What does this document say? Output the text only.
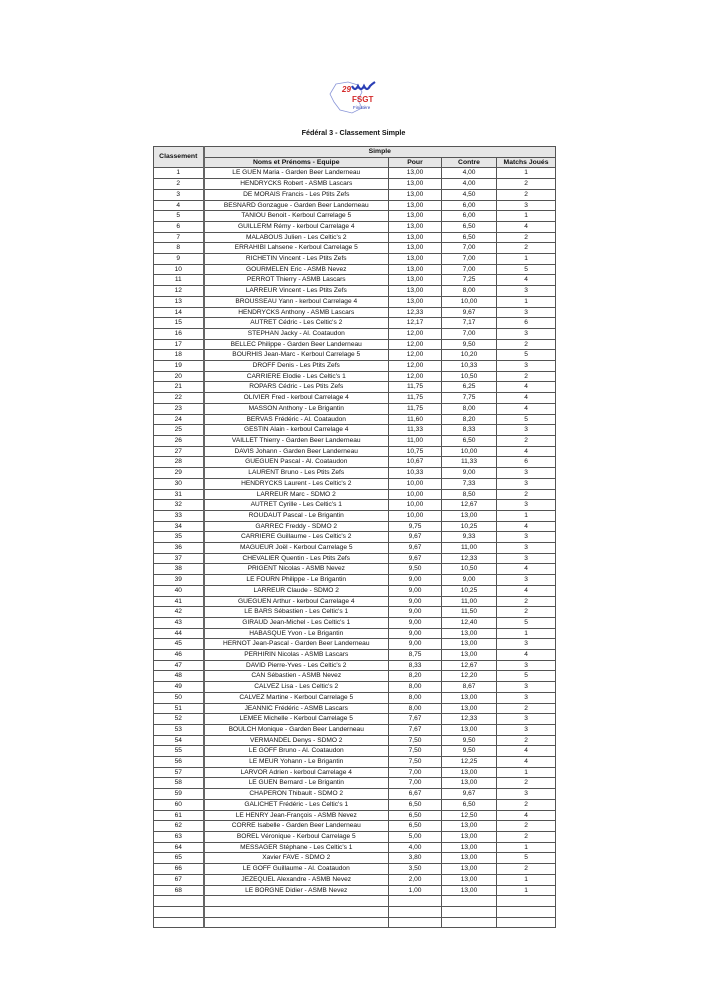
29
FSGT
Finistère
Fédéral 3 - Classement Simple
Classement	Simple			
	Noms et Prénoms - Equipe	Pour	Contre	Matchs Joués
1	LE GUEN Maria - Garden Beer Landerneau	13,00	4,00	1
2	HENDRYCKS Robert - ASMB Lascars	13,00	4,00	2
3	DE MORAIS Francis - Les Ptits Zefs	13,00	4,50	2
4	BESNARD Gonzague - Garden Beer Landerneau	13,00	6,00	3
5	TANIOU Benoit - Kerboul Carrelage 5	13,00	6,00	1
6	GUILLERM Rémy - kerboul Carrelage 4	13,00	6,50	4
7	MALABOUS Julien - Les Celtic's 2	13,00	6,50	2
8	ERRAHIBI Lahsene - Kerboul Carrelage 5	13,00	7,00	2
9	RICHETIN Vincent - Les Ptits Zefs	13,00	7,00	1
10	GOURMELEN Eric - ASMB Nevez	13,00	7,00	5
11	PERROT Thierry - ASMB Lascars	13,00	7,25	4
12	LARREUR Vincent - Les Ptits Zefs	13,00	8,00	3
13	BROUSSEAU Yann - kerboul Carrelage 4	13,00	10,00	1
14	HENDRYCKS Anthony - ASMB Lascars	12,33	9,67	3
15	AUTRET Cédric - Les Celtic's 2	12,17	7,17	6
16	STEPHAN Jacky - Al. Coataudon	12,00	7,00	3
17	BELLEC Philippe - Garden Beer Landerneau	12,00	9,50	2
18	BOURHIS Jean-Marc - Kerboul Carrelage 5	12,00	10,20	5
19	DROFF Denis - Les Ptits Zefs	12,00	10,33	3
20	CARRIERE Elodie - Les Celtic's 1	12,00	10,50	2
21	ROPARS Cédric - Les Ptits Zefs	11,75	6,25	4
22	OLIVIER Fred - kerboul Carrelage 4	11,75	7,75	4
23	MASSON Anthony - Le Brigantin	11,75	8,00	4
24	BERVAS Frédéric - Al. Coataudon	11,60	8,20	5
25	GESTIN Alain - kerboul Carrelage 4	11,33	8,33	3
26	VAILLET Thierry - Garden Beer Landerneau	11,00	6,50	2
27	DAVIS Johann - Garden Beer Landerneau	10,75	10,00	4
28	GUEGUEN Pascal - Al. Coataudon	10,67	11,33	6
29	LAURENT Bruno - Les Ptits Zefs	10,33	9,00	3
30	HENDRYCKS Laurent - Les Celtic's 2	10,00	7,33	3
31	LARREUR Marc - SDMO 2	10,00	8,50	2
32	AUTRET Cyrille - Les Celtic's 1	10,00	12,67	3
33	ROUDAUT Pascal - Le Brigantin	10,00	13,00	1
34	GARREC Freddy - SDMO 2	9,75	10,25	4
35	CARRIERE Guillaume - Les Celtic's 2	9,67	9,33	3
36	MAGUEUR Joël - Kerboul Carrelage 5	9,67	11,00	3
37	CHEVALIER Quentin - Les Ptits Zefs	9,67	12,33	3
38	PRIGENT Nicolas - ASMB Nevez	9,50	10,50	4
39	LE FOURN Philippe - Le Brigantin	9,00	9,00	3
40	LARREUR Claude - SDMO 2	9,00	10,25	4
41	GUEGUEN Arthur - kerboul Carrelage 4	9,00	11,00	2
42	LE BARS Sébastien - Les Celtic's 1	9,00	11,50	2
43	GIRAUD Jean-Michel - Les Celtic's 1	9,00	12,40	5
44	HABASQUE Yvon - Le Brigantin	9,00	13,00	1
45	HERNOT Jean-Pascal - Garden Beer Landerneau	9,00	13,00	3
46	PERHIRIN Nicolas - ASMB Lascars	8,75	13,00	4
47	DAVID Pierre-Yves - Les Celtic's 2	8,33	12,67	3
48	CAN Sébastien - ASMB Nevez	8,20	12,20	5
49	CALVEZ Lisa - Les Celtic's 2	8,00	8,67	3
50	CALVEZ Martine - Kerboul Carrelage 5	8,00	13,00	3
51	JEANNIC Frédéric - ASMB Lascars	8,00	13,00	2
52	LEMEE Michelle - Kerboul Carrelage 5	7,67	12,33	3
53	BOULCH Monique - Garden Beer Landerneau	7,67	13,00	3
54	VERMANDEL Denys - SDMO 2	7,50	9,50	2
55	LE GOFF Bruno - Al. Coataudon	7,50	9,50	4
56	LE MEUR Yohann - Le Brigantin	7,50	12,25	4
57	LARVOR Adrien - kerboul Carrelage 4	7,00	13,00	1
58	LE GUEN Bernard - Le Brigantin	7,00	13,00	2
59	CHAPERON Thibault - SDMO 2	6,67	9,67	3
60	GALICHET Frédéric - Les Celtic's 1	6,50	6,50	2
61	LE HENRY Jean-François - ASMB Nevez	6,50	12,50	4
62	CORRE Isabelle - Garden Beer Landerneau	6,50	13,00	2
63	BOREL Véronique - Kerboul Carrelage 5	5,00	13,00	2
64	MESSAGER Stéphane - Les Celtic's 1	4,00	13,00	1
65	Xavier FAVE - SDMO 2	3,80	13,00	5
66	LE GOFF Guillaume - Al. Coataudon	3,50	13,00	2
67	JEZEQUEL Alexandre - ASMB Nevez	2,00	13,00	1
68	LE BORGNE Didier - ASMB Nevez	1,00	13,00	1
